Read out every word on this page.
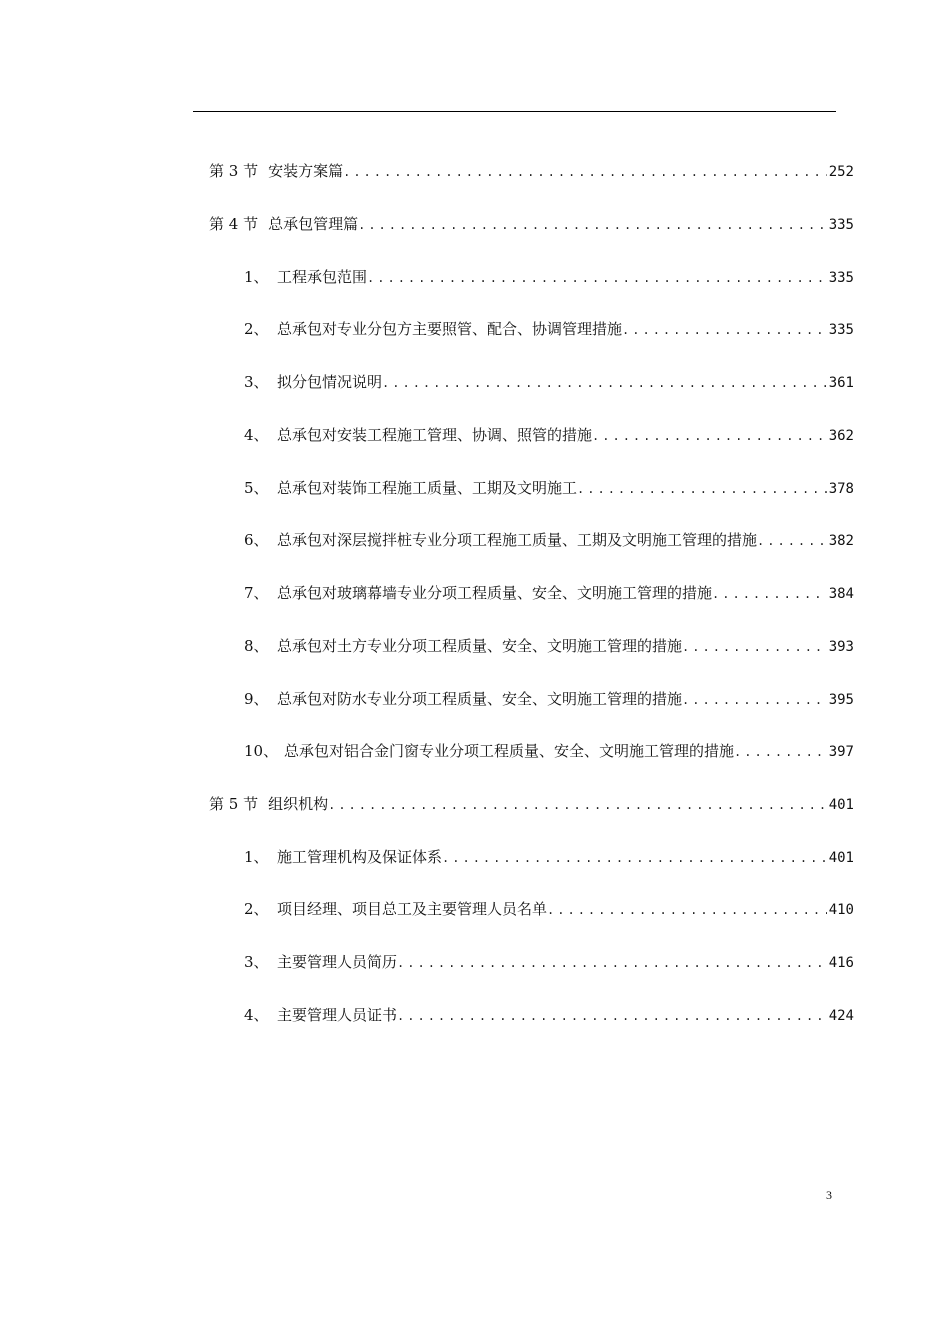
第 3 节 安装方案篇 .....	252
第 4 节 总承包管理篇 .....	335
1、 工程承包范围 .....	335
2、 总承包对专业分包方主要照管、配合、协调管理措施 .....	335
3、 拟分包情况说明 .....	361
4、 总承包对安装工程施工管理、协调、照管的措施 .....	362
5、 总承包对装饰工程施工质量、工期及文明施工 .....	378
6、 总承包对深层搅拌桩专业分项工程施工质量、工期及文明施工管理的措施 .....	382
7、 总承包对玻璃幕墙专业分项工程质量、安全、文明施工管理的措施 .....	384
8、 总承包对土方专业分项工程质量、安全、文明施工管理的措施 .....	393
9、 总承包对防水专业分项工程质量、安全、文明施工管理的措施 .....	395
10、 总承包对铝合金门窗专业分项工程质量、安全、文明施工管理的措施 .....	397
第 5 节 组织机构 .....	401
1、 施工管理机构及保证体系 .....	401
2、 项目经理、项目总工及主要管理人员名单 .....	410
3、 主要管理人员简历 .....	416
4、 主要管理人员证书 .....	424
3
